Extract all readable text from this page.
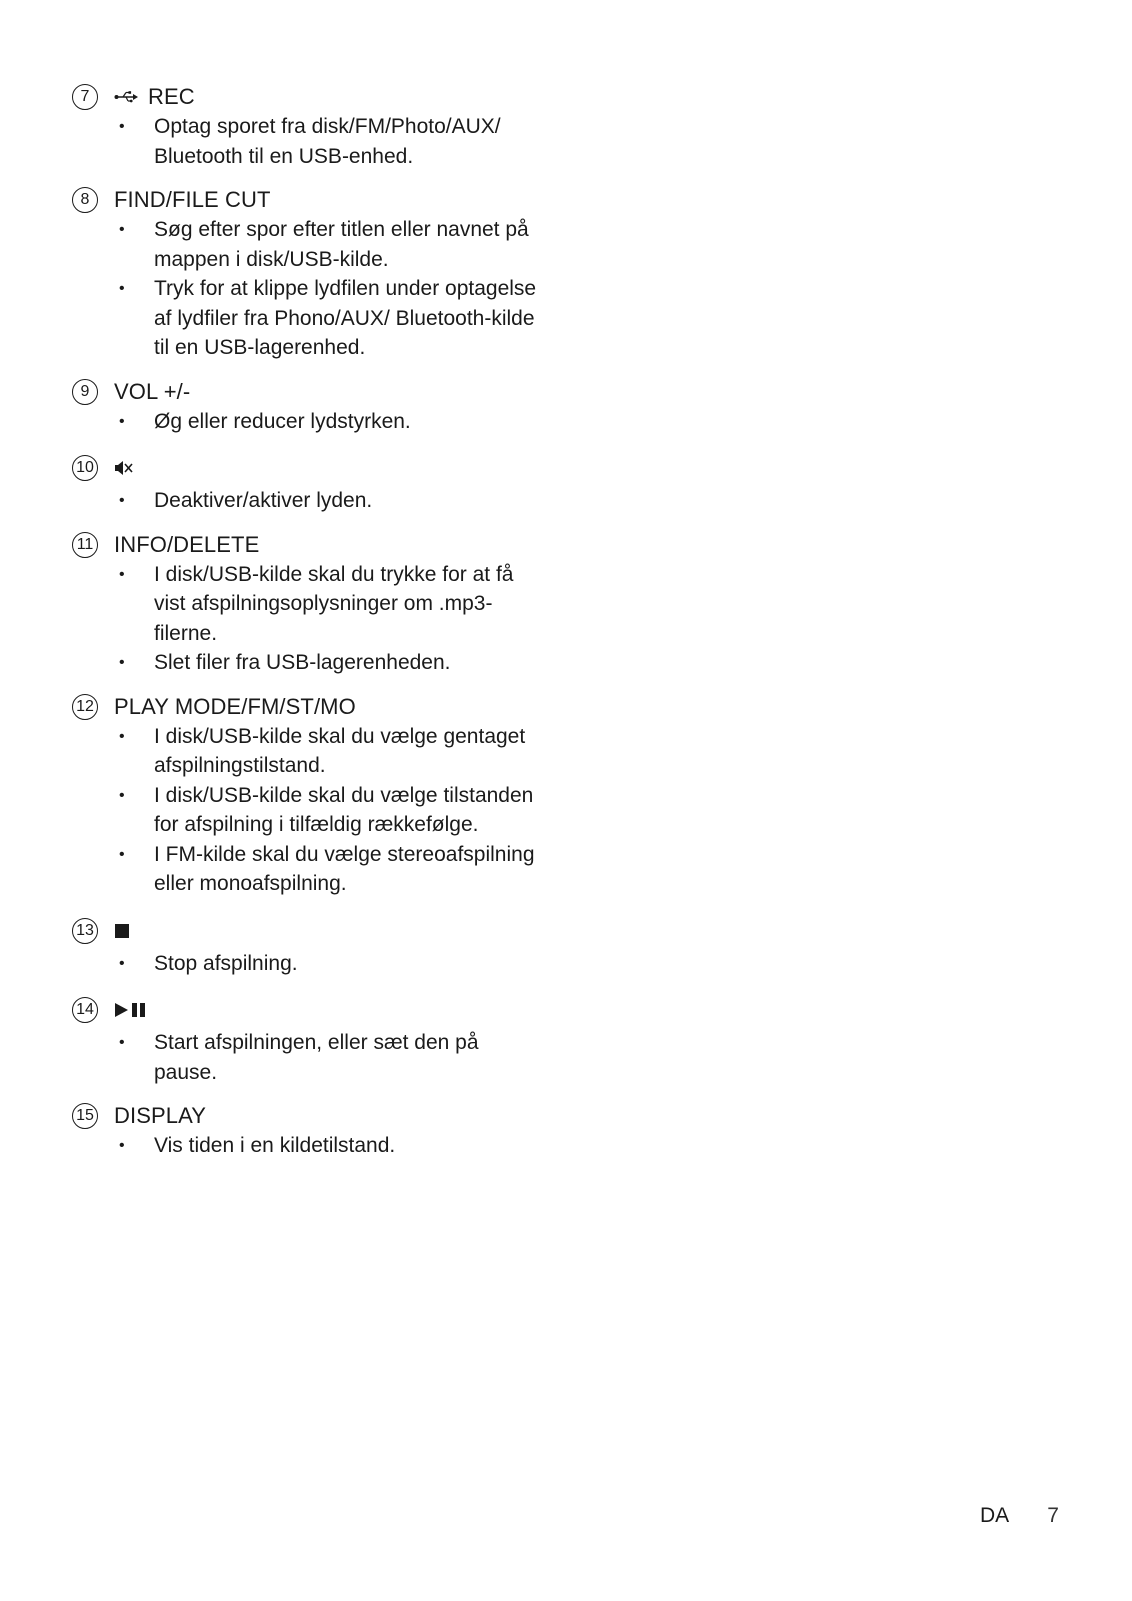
7	REC
• Optag sporet fra disk/FM/Photo/AUX/ Bluetooth til en USB-enhed.
8	FIND/FILE CUT
• Søg efter spor efter titlen eller navnet på mappen i disk/USB-kilde.
• Tryk for at klippe lydfilen under optagelse af lydfiler fra Phono/AUX/ Bluetooth-kilde til en USB-lagerenhed.
9	VOL +/-
• Øg eller reducer lydstyrken.
10
• Deaktiver/aktiver lyden.
11 INFO/DELETE
• I disk/USB-kilde skal du trykke for at få vist afspilningsoplysninger om .mp3- filerne.
• Slet filer fra USB-lagerenheden.
12 PLAY MODE/FM/ST/MO
• I disk/USB-kilde skal du vælge gentaget afspilningstilstand.
• I disk/USB-kilde skal du vælge tilstanden for afspilning i tilfældig rækkefølge.
• I FM-kilde skal du vælge stereoafspilning eller monoafspilning.
13
• Stop afspilning.
14
• Start afspilningen, eller sæt den på pause.
15 DISPLAY
• Vis tiden i en kildetilstand.
DA 7
